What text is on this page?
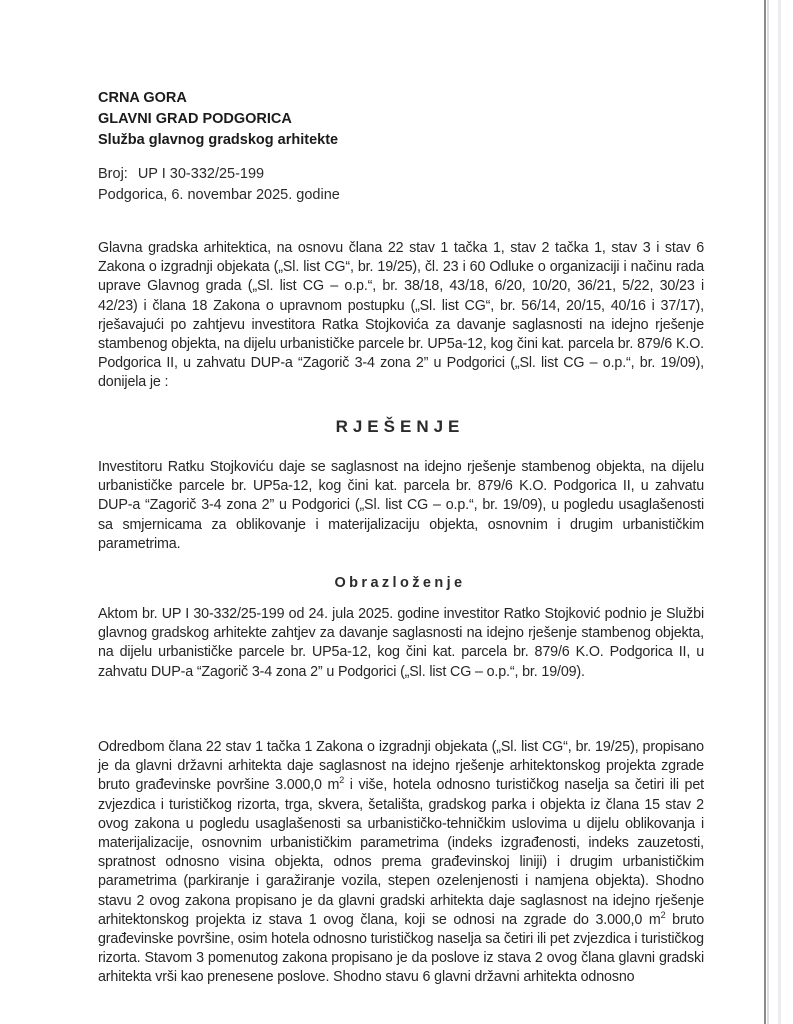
CRNA GORA
GLAVNI GRAD PODGORICA
Služba glavnog gradskog arhitekte
Broj: UP I 30-332/25-199
Podgorica, 6. novembar 2025. godine
Glavna gradska arhitektica, na osnovu člana 22 stav 1 tačka 1, stav 2 tačka 1, stav 3 i stav 6 Zakona o izgradnji objekata („Sl. list CG“, br. 19/25), čl. 23 i 60 Odluke o organizaciji i načinu rada uprave Glavnog grada („Sl. list CG – o.p.“, br. 38/18, 43/18, 6/20, 10/20, 36/21, 5/22, 30/23 i 42/23) i člana 18 Zakona o upravnom postupku („Sl. list CG“, br. 56/14, 20/15, 40/16 i 37/17), rješavajući po zahtjevu investitora Ratka Stojkovića za davanje saglasnosti na idejno rješenje stambenog objekta, na dijelu urbanističke parcele br. UP5a-12, kog čini kat. parcela br. 879/6 K.O. Podgorica II, u zahvatu DUP-a “Zagorič 3-4 zona 2” u Podgorici („Sl. list CG – o.p.“, br. 19/09), donijela je :
RJEŠENJE
Investitoru Ratku Stojkoviću daje se saglasnost na idejno rješenje stambenog objekta, na dijelu urbanističke parcele br. UP5a-12, kog čini kat. parcela br. 879/6 K.O. Podgorica II, u zahvatu DUP-a “Zagorič 3-4 zona 2” u Podgorici („Sl. list CG – o.p.“, br. 19/09), u pogledu usaglašenosti sa smjernicama za oblikovanje i materijalizaciju objekta, osnovnim i drugim urbanističkim parametrima.
Obrazloženje
Aktom br. UP I 30-332/25-199 od 24. jula 2025. godine investitor Ratko Stojković podnio je Službi glavnog gradskog arhitekte zahtjev za davanje saglasnosti na idejno rješenje stambenog objekta, na dijelu urbanističke parcele br. UP5a-12, kog čini kat. parcela br. 879/6 K.O. Podgorica II, u zahvatu DUP-a “Zagorič 3-4 zona 2” u Podgorici („Sl. list CG – o.p.“, br. 19/09).
Odredbom člana 22 stav 1 tačka 1 Zakona o izgradnji objekata („Sl. list CG“, br. 19/25), propisano je da glavni državni arhitekta daje saglasnost na idejno rješenje arhitektonskog projekta zgrade bruto građevinske površine 3.000,0 $m^2$ i više, hotela odnosno turističkog naselja sa četiri ili pet zvjezdica i turističkog rizorta, trga, skvera, šetališta, gradskog parka i objekta iz člana 15 stav 2 ovog zakona u pogledu usaglašenosti sa urbanističko-tehničkim uslovima u dijelu oblikovanja i materijalizacije, osnovnim urbanističkim parametrima (indeks izgrađenosti, indeks zauzetosti, spratnost odnosno visina objekta, odnos prema građevinskoj liniji) i drugim urbanističkim parametrima (parkiranje i garažiranje vozila, stepen ozelenjenosti i namjena objekta). Shodno stavu 2 ovog zakona propisano je da glavni gradski arhitekta daje saglasnost na idejno rješenje arhitektonskog projekta iz stava 1 ovog člana, koji se odnosi na zgrade do 3.000,0 $m^2$ bruto građevinske površine, osim hotela odnosno turističkog naselja sa četiri ili pet zvjezdica i turističkog rizorta. Stavom 3 pomenutog zakona propisano je da poslove iz stava 2 ovog člana glavni gradski arhitekta vrši kao prenesene poslove. Shodno stavu 6 glavni državni arhitekta odnosno
